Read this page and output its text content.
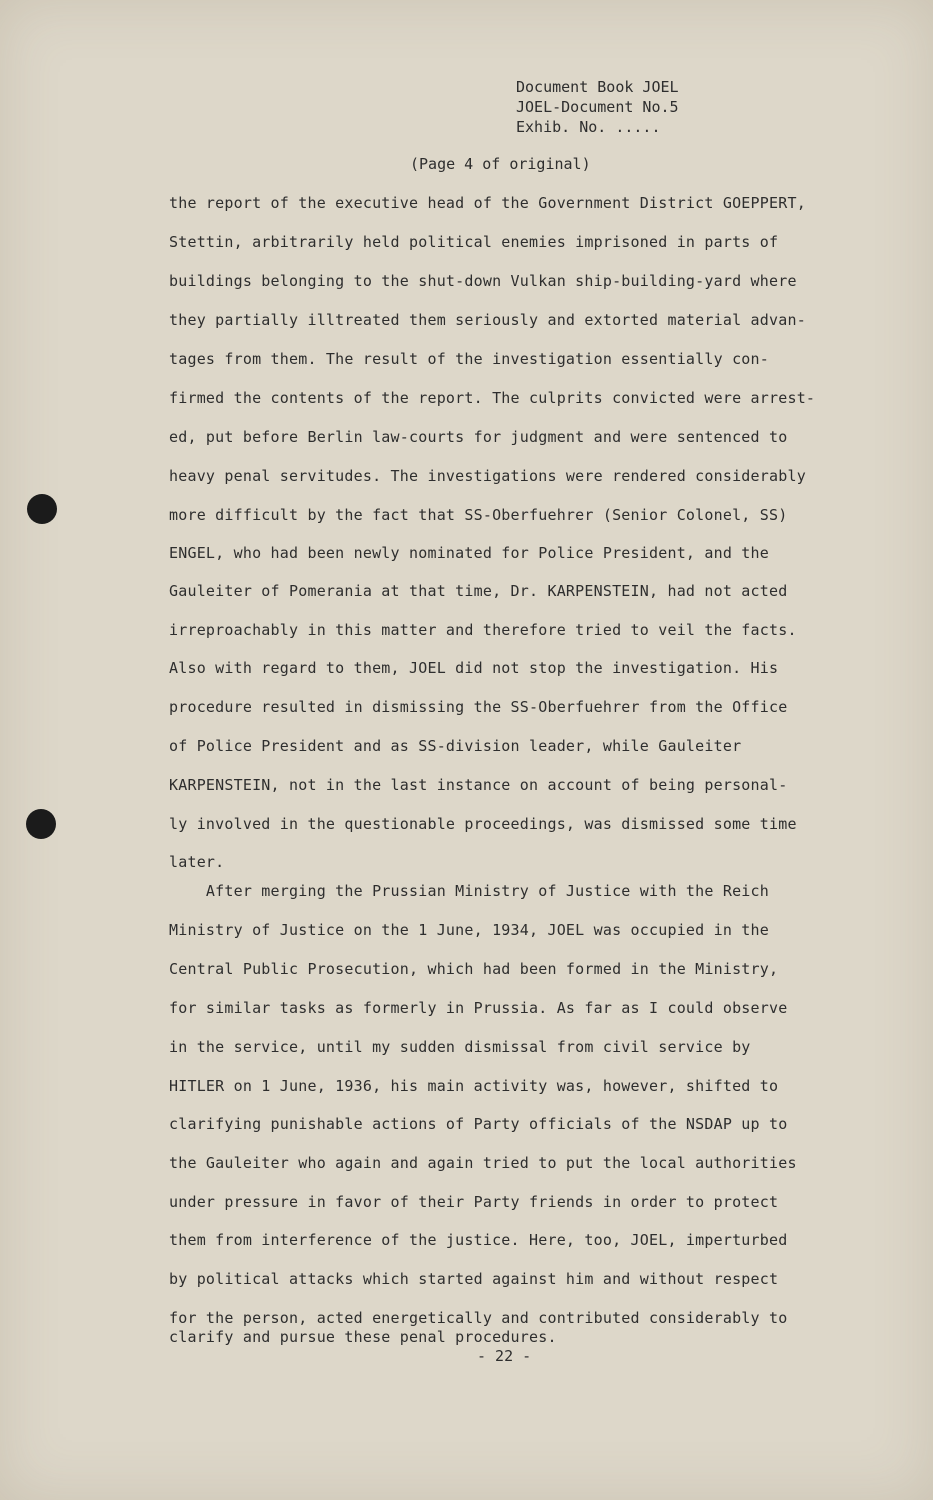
Document Book JOEL
JOEL-Document No.5
Exhib. No. .....
(Page 4 of original)
the report of the executive head of the Government District GOEPPERT,
Stettin, arbitrarily held political enemies imprisoned in parts of
buildings belonging to the shut-down Vulkan ship-building-yard where
they partially illtreated them seriously and extorted material advan-
tages from them. The result of the investigation essentially con-
firmed the contents of the report. The culprits convicted were arrest-
ed, put before Berlin law-courts for judgment and were sentenced to
heavy penal servitudes. The investigations were rendered considerably
more difficult by the fact that SS-Oberfuehrer (Senior Colonel, SS)
ENGEL, who had been newly nominated for Police President, and the
Gauleiter of Pomerania at that time, Dr. KARPENSTEIN, had not acted
irreproachably in this matter and therefore tried to veil the facts.
Also with regard to them, JOEL did not stop the investigation. His
procedure resulted in dismissing the SS-Oberfuehrer from the Office
of Police President and as SS-division leader, while Gauleiter
KARPENSTEIN, not in the last instance on account of being personal-
ly involved in the questionable proceedings, was dismissed some time
later.
After merging the Prussian Ministry of Justice with the Reich
Ministry of Justice on the 1 June, 1934, JOEL was occupied in the
Central Public Prosecution, which had been formed in the Ministry,
for similar tasks as formerly in Prussia. As far as I could observe
in the service, until my sudden dismissal from civil service by
HITLER on 1 June, 1936, his main activity was, however, shifted to
clarifying punishable actions of Party officials of the NSDAP up to
the Gauleiter who again and again tried to put the local authorities
under pressure in favor of their Party friends in order to protect
them from interference of the justice. Here, too, JOEL, imperturbed
by political attacks which started against him and without respect
for the person, acted energetically and contributed considerably to
clarify and pursue these penal procedures.
- 22 -
